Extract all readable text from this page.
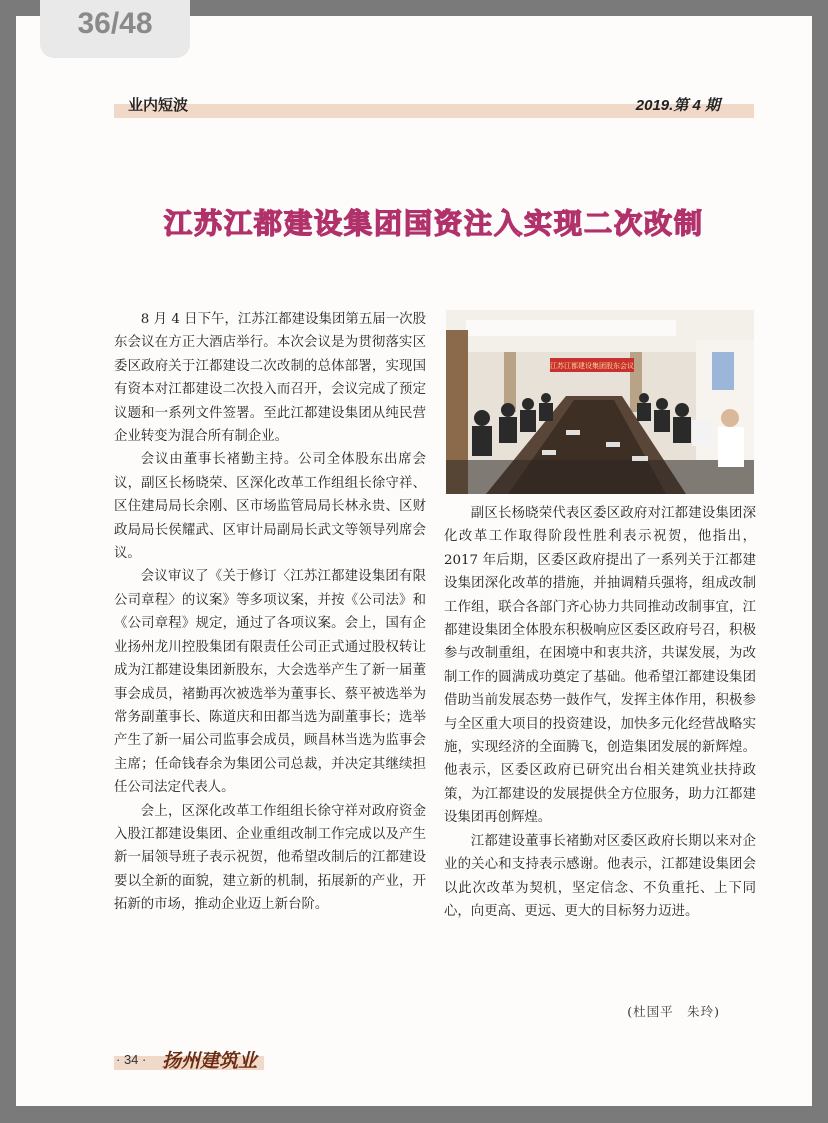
业内短波	2019.第 4 期
江苏江都建设集团国资注入实现二次改制

8 月 4 日下午，江苏江都建设集团第五届一次股东会议在方正大酒店举行。本次会议是为贯彻落实区委区政府关于江都建设二次改制的总体部署，实现国有资本对江都建设二次投入而召开，会议完成了预定议题和一系列文件签署。至此江都建设集团从纯民营企业转变为混合所有制企业。

会议由董事长褚勤主持。公司全体股东出席会议，副区长杨晓荣、区深化改革工作组组长徐守祥、区住建局局长余刚、区市场监管局局长林永贵、区财政局局长侯耀武、区审计局副局长武文等领导列席会议。

会议审议了《关于修订〈江苏江都建设集团有限公司章程〉的议案》等多项议案，并按《公司法》和《公司章程》规定，通过了各项议案。会上，国有企业扬州龙川控股集团有限责任公司正式通过股权转让成为江都建设集团新股东，大会选举产生了新一届董事会成员，褚勤再次被选举为董事长、蔡平被选举为常务副董事长、陈道庆和田都当选为副董事长；选举产生了新一届公司监事会成员，顾昌林当选为监事会主席；任命钱春余为集团公司总裁，并决定其继续担任公司法定代表人。

会上，区深化改革工作组组长徐守祥对政府资金入股江都建设集团、企业重组改制工作完成以及产生新一届领导班子表示祝贺，他希望改制后的江都建设要以全新的面貌，建立新的机制，拓展新的产业，开拓新的市场，推动企业迈上新台阶。

江苏江都建设集团股东会议

副区长杨晓荣代表区委区政府对江都建设集团深化改革工作取得阶段性胜利表示祝贺，他指出，2017 年后期，区委区政府提出了一系列关于江都建设集团深化改革的措施，并抽调精兵强将，组成改制工作组，联合各部门齐心协力共同推动改制事宜，江都建设集团全体股东积极响应区委区政府号召，积极参与改制重组，在困境中和衷共济，共谋发展，为改制工作的圆满成功奠定了基础。他希望江都建设集团借助当前发展态势一鼓作气，发挥主体作用，积极参与全区重大项目的投资建设，加快多元化经营战略实施，实现经济的全面腾飞，创造集团发展的新辉煌。他表示，区委区政府已研究出台相关建筑业扶持政策，为江都建设的发展提供全方位服务，助力江都建设集团再创辉煌。

江都建设董事长褚勤对区委区政府长期以来对企业的关心和支持表示感谢。他表示，江都建设集团会以此次改革为契机，坚定信念、不负重托、上下同心，向更高、更远、更大的目标努力迈进。

(杜国平　朱玲)
· 34 · 扬州建筑业
36/48
